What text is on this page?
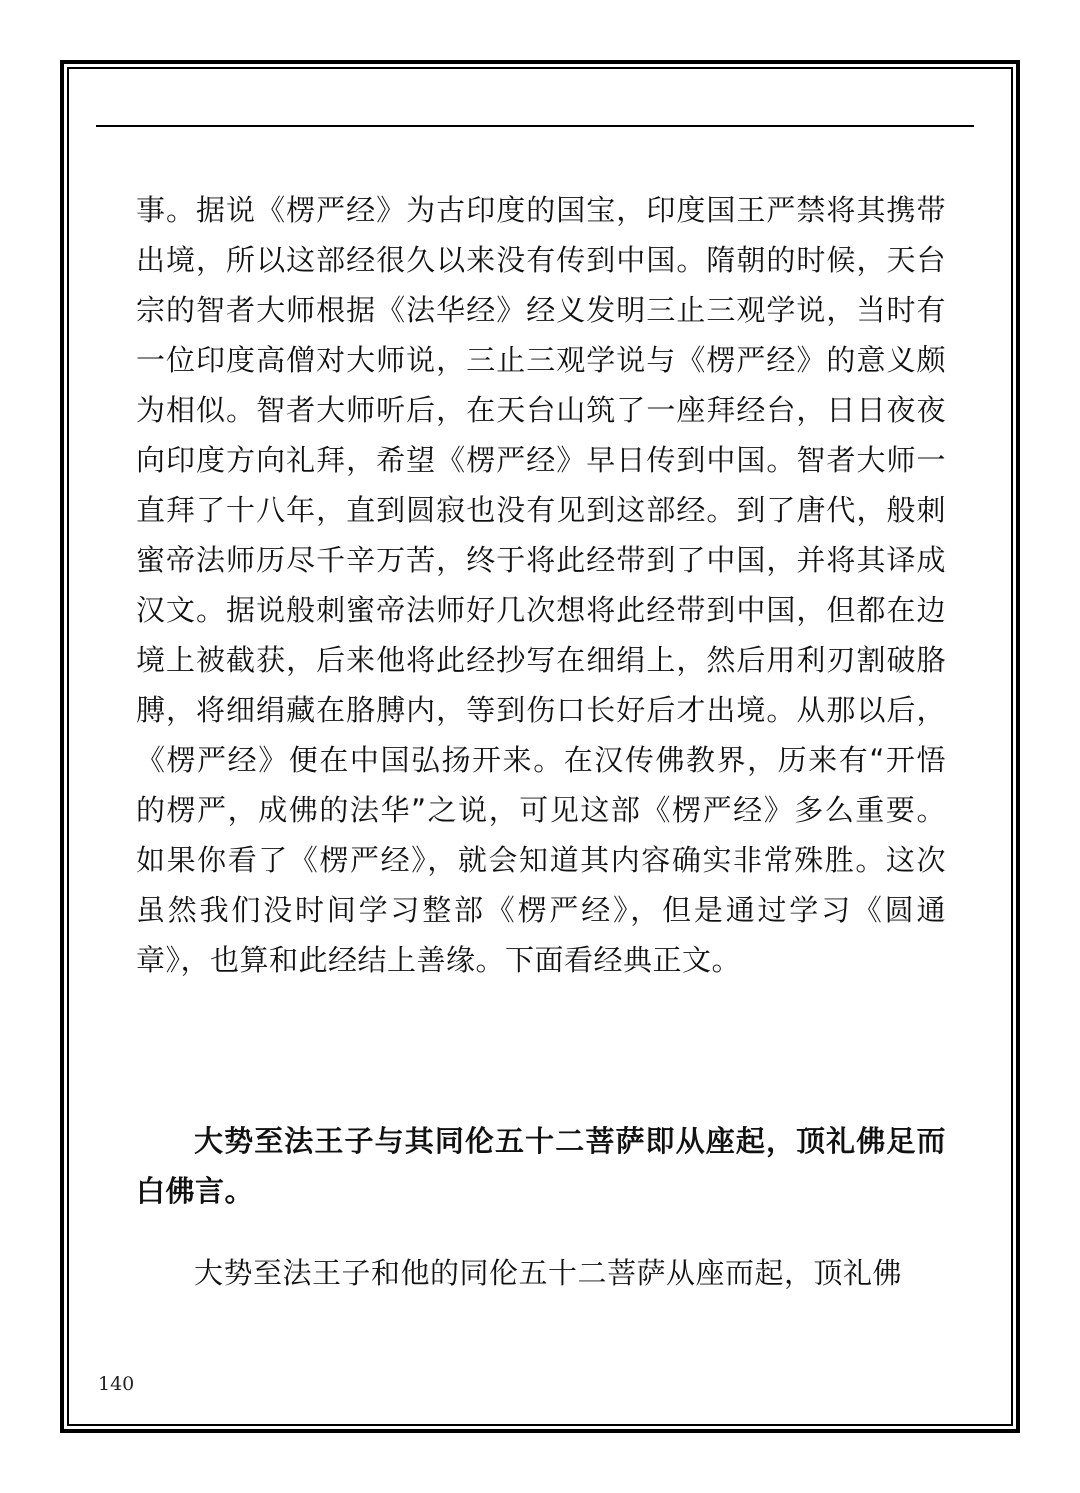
事。据说《楞严经》为古印度的国宝，印度国王严禁将其携带出境，所以这部经很久以来没有传到中国。隋朝的时候，天台宗的智者大师根据《法华经》经义发明三止三观学说，当时有一位印度高僧对大师说，三止三观学说与《楞严经》的意义颇为相似。智者大师听后，在天台山筑了一座拜经台，日日夜夜向印度方向礼拜，希望《楞严经》早日传到中国。智者大师一直拜了十八年，直到圆寂也没有见到这部经。到了唐代，般刺蜜帝法师历尽千辛万苦，终于将此经带到了中国，并将其译成汉文。据说般刺蜜帝法师好几次想将此经带到中国，但都在边境上被截获，后来他将此经抄写在细绢上，然后用利刃割破胳膊，将细绢藏在胳膊内，等到伤口长好后才出境。从那以后，《楞严经》便在中国弘扬开来。在汉传佛教界，历来有“开悟的楞严，成佛的法华”之说，可见这部《楞严经》多么重要。如果你看了《楞严经》，就会知道其内容确实非常殊胜。这次虽然我们没时间学习整部《楞严经》，但是通过学习《圆通章》，也算和此经结上善缘。下面看经典正文。

大势至法王子与其同伦五十二菩萨即从座起，顶礼佛足而白佛言。

大势至法王子和他的同伦五十二菩萨从座而起，顶礼佛

140
